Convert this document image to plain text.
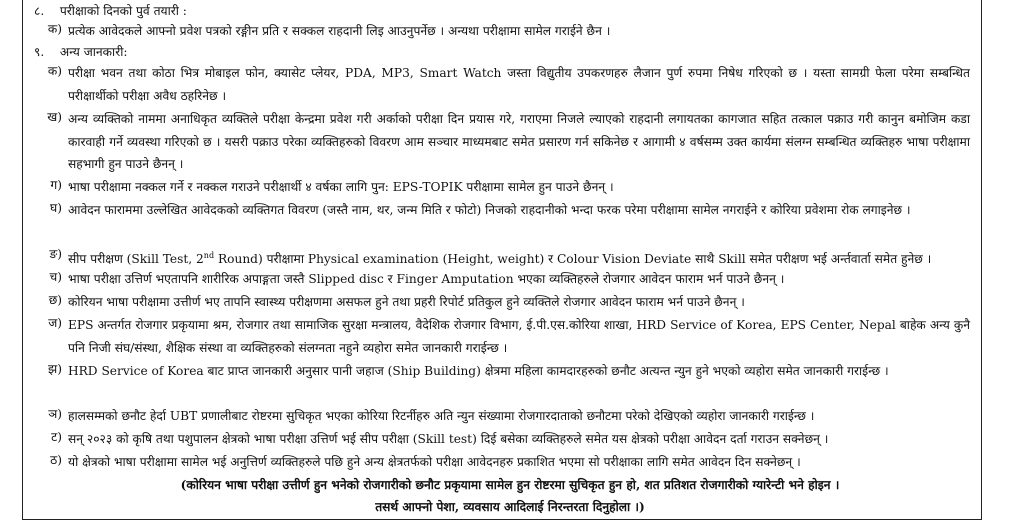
८. परीक्षाको दिनको पुर्व तयारी :
क) प्रत्येक आवेदकले आफ्नो प्रवेश पत्रको रङ्गीन प्रति र सक्कल राहदानी लिइ आउनुपर्नेछ । अन्यथा परीक्षामा सामेल गराईने छैन ।
९. अन्य जानकारी:
क) परीक्षा भवन तथा कोठा भित्र मोबाइल फोन, क्यासेट प्लेयर, PDA, MP3, Smart Watch जस्ता विद्युतीय उपकरणहरु लैजान पुर्ण रुपमा निषेध गरिएको छ । यस्ता सामग्री फेला परेमा सम्बन्धित परीक्षार्थीको परीक्षा अवैध ठहरिनेछ ।
ख) अन्य व्यक्तिको नाममा अनाधिकृत व्यक्तिले परीक्षा केन्द्रमा प्रवेश गरी अर्काको परीक्षा दिन प्रयास गरे, गराएमा निजले ल्याएको राहदानी लगायतका कागजात सहित तत्काल पक्राउ गरी कानुन बमोजिम कडा कारवाही गर्ने व्यवस्था गरिएको छ । यसरी पक्राउ परेका व्यक्तिहरुको विवरण आम सञ्चार माध्यमबाट समेत प्रसारण गर्न सकिनेछ र आगामी ४ वर्षसम्म उक्त कार्यमा संलग्न सम्बन्धित व्यक्तिहरु भाषा परीक्षामा सहभागी हुन पाउने छैनन् ।
ग) भाषा परीक्षामा नक्कल गर्ने र नक्कल गराउने परीक्षार्थी ४ वर्षका लागि पुन: EPS-TOPIK परीक्षामा सामेल हुन पाउने छैनन् ।
घ) आवेदन फाराममा उल्लेखित आवेदकको व्यक्तिगत विवरण (जस्तै नाम, थर, जन्म मिति र फोटो) निजको राहदानीको भन्दा फरक परेमा परीक्षामा सामेल नगराईने र कोरिया प्रवेशमा रोक लगाइनेछ ।
ङ) सीप परीक्षण (Skill Test, 2nd Round) परीक्षामा Physical examination (Height, weight) र Colour Vision Deviate साथै Skill समेत परीक्षण भई अर्न्तवार्ता समेत हुनेछ ।
च) भाषा परीक्षा उत्तिर्ण भएतापनि शारीरिक अपाङ्गता जस्तै Slipped disc र Finger Amputation भएका व्यक्तिहरुले रोजगार आवेदन फाराम भर्न पाउने छैनन् ।
छ) कोरियन भाषा परीक्षामा उत्तीर्ण भए तापनि स्वास्थ्य परीक्षणमा असफल हुने तथा प्रहरी रिपोर्ट प्रतिकुल हुने व्यक्तिले रोजगार आवेदन फाराम भर्न पाउने छैनन् ।
ज) EPS अन्तर्गत रोजगार प्रकृयामा श्रम, रोजगार तथा सामाजिक सुरक्षा मन्त्रालय, वैदेशिक रोजगार विभाग, ई.पी.एस.कोरिया शाखा, HRD Service of Korea, EPS Center, Nepal बाहेक अन्य कुनै पनि निजी संघ/संस्था, शैक्षिक संस्था वा व्यक्तिहरुको संलग्नता नहुने व्यहोरा समेत जानकारी गराईन्छ ।
झ) HRD Service of Korea बाट प्राप्त जानकारी अनुसार पानी जहाज (Ship Building) क्षेत्रमा महिला कामदारहरुको छनौट अत्यन्त न्युन हुने भएको व्यहोरा समेत जानकारी गराईन्छ ।
ञ) हालसम्मको छनौट हेर्दा UBT प्रणालीबाट रोष्टरमा सुचिकृत भएका कोरिया रिटर्नीहरु अति न्युन संख्यामा रोजगारदाताको छनौटमा परेको देखिएको व्यहोरा जानकारी गराईन्छ ।
ट) सन् २०२३ को कृषि तथा पशुपालन क्षेत्रको भाषा परीक्षा उत्तिर्ण भई सीप परीक्षा (Skill test) दिई बसेका व्यक्तिहरुले समेत यस क्षेत्रको परीक्षा आवेदन दर्ता गराउन सक्नेछन् ।
ठ) यो क्षेत्रको भाषा परीक्षामा सामेल भई अनुत्तिर्ण व्यक्तिहरुले पछि हुने अन्य क्षेत्रतर्फको परीक्षा आवेदनहरु प्रकाशित भएमा सो परीक्षाका लागि समेत आवेदन दिन सक्नेछन् ।
(कोरियन भाषा परीक्षा उत्तीर्ण हुन भनेको रोजगारीको छनौट प्रकृयामा सामेल हुन रोष्टरमा सुचिकृत हुन हो, शत प्रतिशत रोजगारीको ग्यारेन्टी भने होइन ।
तसर्थ आफ्नो पेशा, व्यवसाय आदिलाई निरन्तरता दिनुहोला ।)
